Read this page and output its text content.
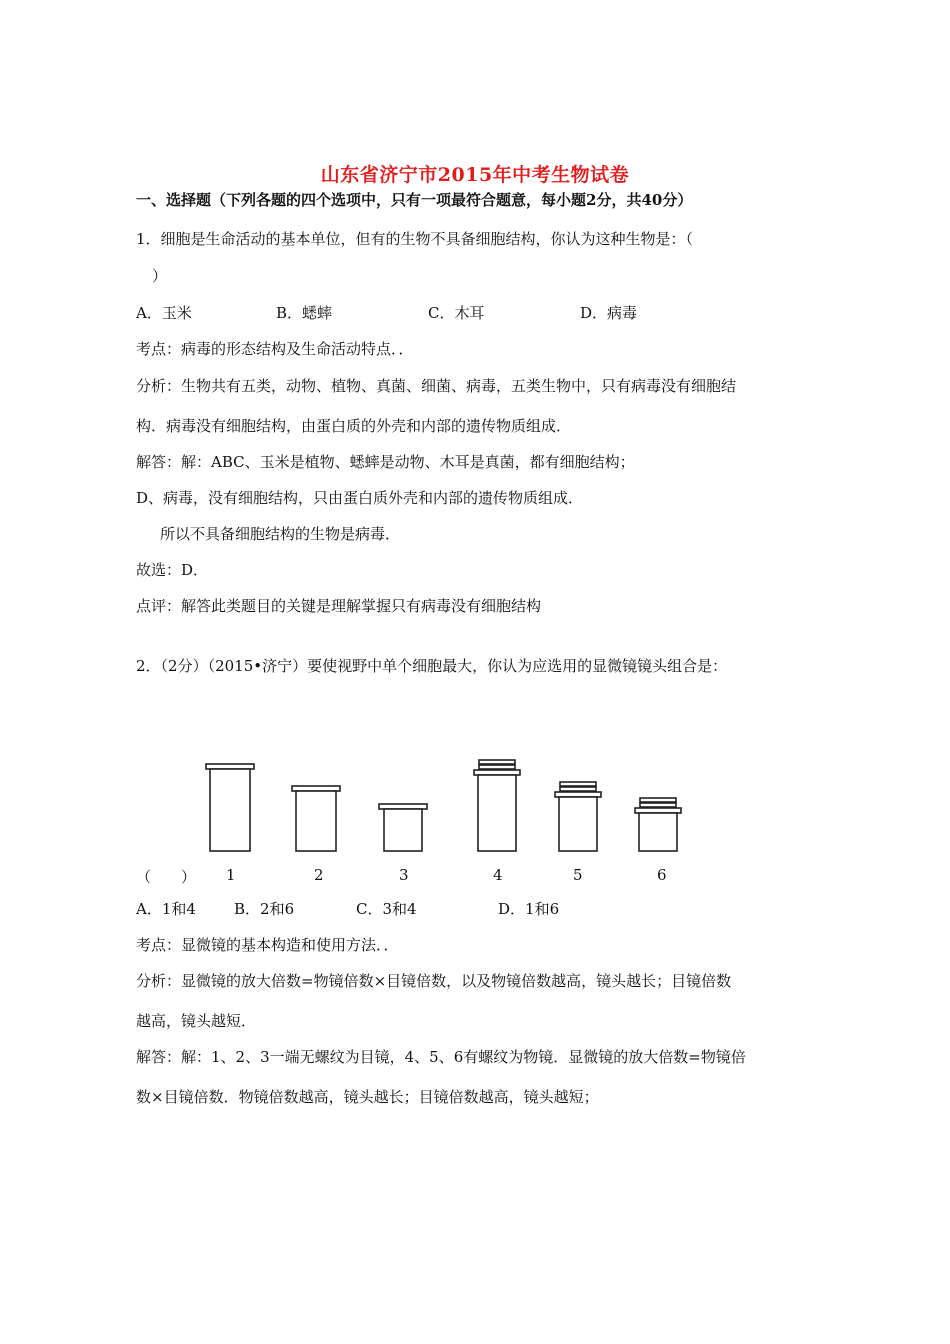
山东省济宁市2015年中考生物试卷
一、选择题（下列各题的四个选项中，只有一项最符合题意，每小题2分，共40分）
1．细胞是生命活动的基本单位，但有的生物不具备细胞结构，你认为这种生物是：（
）
A．玉米	B．蟋蟀	C．木耳	D．病毒
考点：病毒的形态结构及生命活动特点．．
分析：生物共有五类，动物、植物、真菌、细菌、病毒，五类生物中，只有病毒没有细胞结
构．病毒没有细胞结构，由蛋白质的外壳和内部的遗传物质组成．
解答：解：ABC、玉米是植物、蟋蟀是动物、木耳是真菌，都有细胞结构；
D、病毒，没有细胞结构，只由蛋白质外壳和内部的遗传物质组成．
所以不具备细胞结构的生物是病毒．
故选：D．
点评：解答此类题目的关键是理解掌握只有病毒没有细胞结构
2．（2分）（2015•济宁）要使视野中单个细胞最大，你认为应选用的显微镜镜头组合是：
（　　） 1	2	3	4	5	6
A．1和4	B．2和6	C．3和4	D．1和6
考点：显微镜的基本构造和使用方法．．
分析：显微镜的放大倍数=物镜倍数×目镜倍数，以及物镜倍数越高，镜头越长；目镜倍数
越高，镜头越短．
解答：解：1、2、3一端无螺纹为目镜，4、5、6有螺纹为物镜．显微镜的放大倍数=物镜倍
数×目镜倍数．物镜倍数越高，镜头越长；目镜倍数越高，镜头越短；
